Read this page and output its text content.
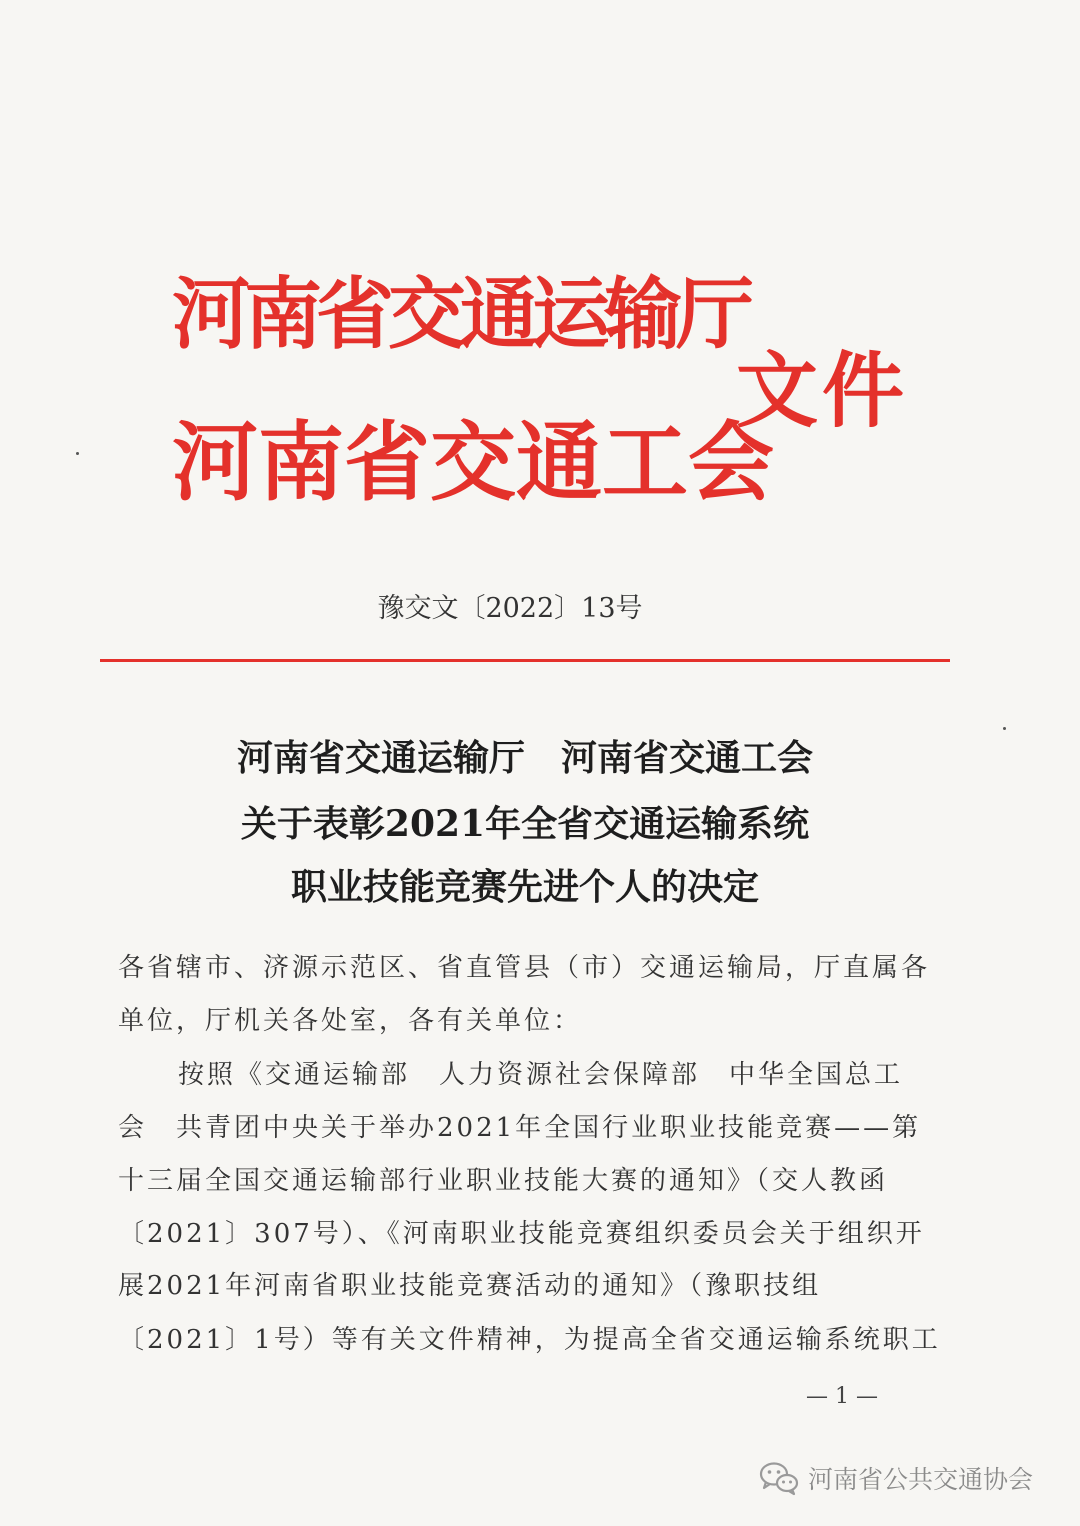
河南省交通运输厅
河南省交通工会
文件
豫交文〔2022〕13号
河南省交通运输厅　河南省交通工会
关于表彰2021年全省交通运输系统
职业技能竞赛先进个人的决定
各省辖市、济源示范区、省直管县（市）交通运输局，厅直属各
单位，厅机关各处室，各有关单位：
按照《交通运输部　人力资源社会保障部　中华全国总工
会　共青团中央关于举办2021年全国行业职业技能竞赛——第
十三届全国交通运输部行业职业技能大赛的通知》（交人教函
〔2021〕307号）、《河南职业技能竞赛组织委员会关于组织开
展2021年河南省职业技能竞赛活动的通知》（豫职技组
〔2021〕1号）等有关文件精神，为提高全省交通运输系统职工
— 1 —
河南省公共交通协会
